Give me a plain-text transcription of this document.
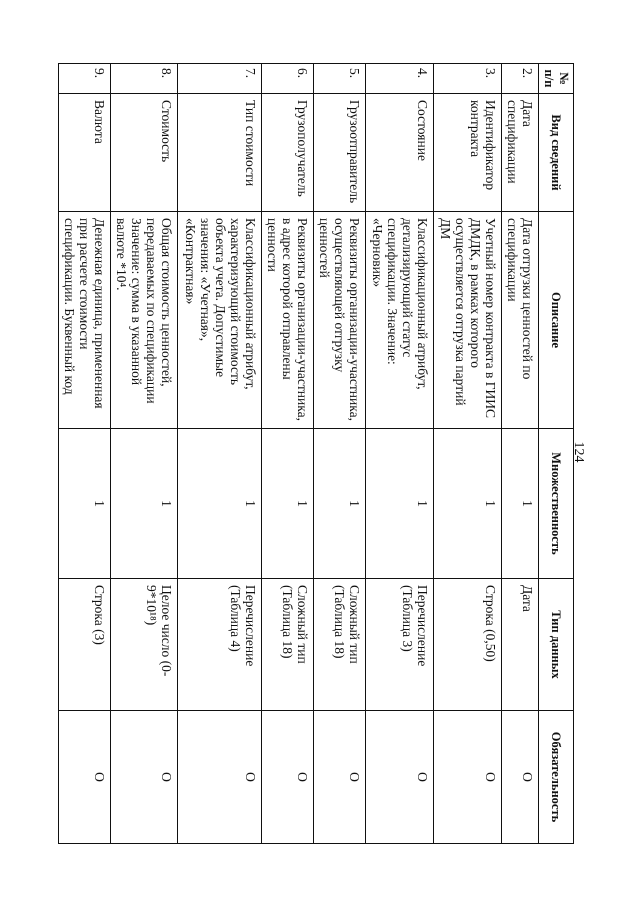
124
№ п/п	Вид сведений	Описание	Множественность	Тип данных	Обязательность
2.	Дата спецификации	Дата отгрузки ценностей по спецификации	1	Дата	О
3.	Идентификатор контракта	Учетный номер контракта в ГИИС ДМДК, в рамках которого осуществляется отгрузка партий ДМ	1	Строка (0,50)	О
4.	Состояние	Классификационный атрибут, детализирующий статус спецификации. Значение: «Черновик»	1	Перечисление (Таблица 3)	О
5.	Грузоотправитель	Реквизиты организации-участника, осуществляющей отгрузку ценностей	1	Сложный тип (Таблица 18)	О
6.	Грузополучатель	Реквизиты организации-участника, в адрес которой отправлены ценности	1	Сложный тип (Таблица 18)	О
7.	Тип стоимости	Классификационный атрибут, характеризующий стоимость объекта учета. Допустимые значения: «Учетная», «Контрактная»	1	Перечисление (Таблица 4)	О
8.	Стоимость	Общая стоимость ценностей, передаваемых по спецификации Значение: сумма в указанной валюте *10⁴.	1	Целое число (0-9*10¹⁸)	О
9.	Валюта	Денежная единица, примененная при расчете стоимости спецификации. Буквенный код	1	Строка (3)	О
